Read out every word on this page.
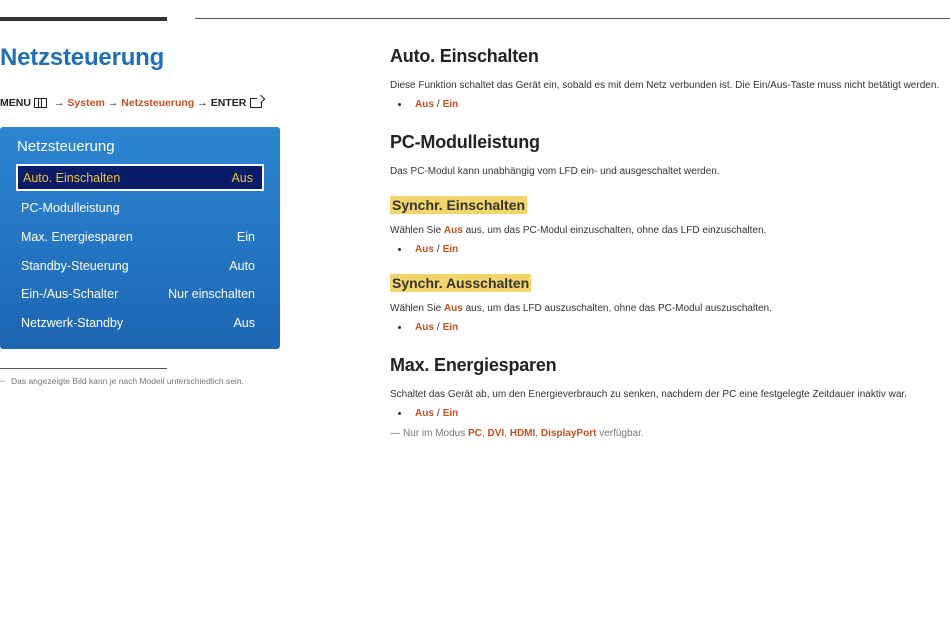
Netzsteuerung
MENU → System → Netzsteuerung → ENTER
Netzsteuerung
Auto. Einschalten	Aus
PC-Modulleistung
Max. Energiesparen	Ein
Standby-Steuerung	Auto
Ein-/Aus-Schalter	Nur einschalten
Netzwerk-Standby	Aus
− Das angezeigte Bild kann je nach Modell unterschiedlich sein.
Auto. Einschalten
Diese Funktion schaltet das Gerät ein, sobald es mit dem Netz verbunden ist. Die Ein/Aus-Taste muss nicht betätigt werden.
Aus / Ein
PC-Modulleistung
Das PC-Modul kann unabhängig vom LFD ein- und ausgeschaltet werden.
Synchr. Einschalten
Wählen Sie Aus aus, um das PC-Modul einzuschalten, ohne das LFD einzuschalten.
Aus / Ein
Synchr. Ausschalten
Wählen Sie Aus aus, um das LFD auszuschalten, ohne das PC-Modul auszuschalten.
Aus / Ein
Max. Energiesparen
Schaltet das Gerät ab, um den Energieverbrauch zu senken, nachdem der PC eine festgelegte Zeitdauer inaktiv war.
Aus / Ein
― Nur im Modus PC, DVI, HDMI, DisplayPort verfügbar.
